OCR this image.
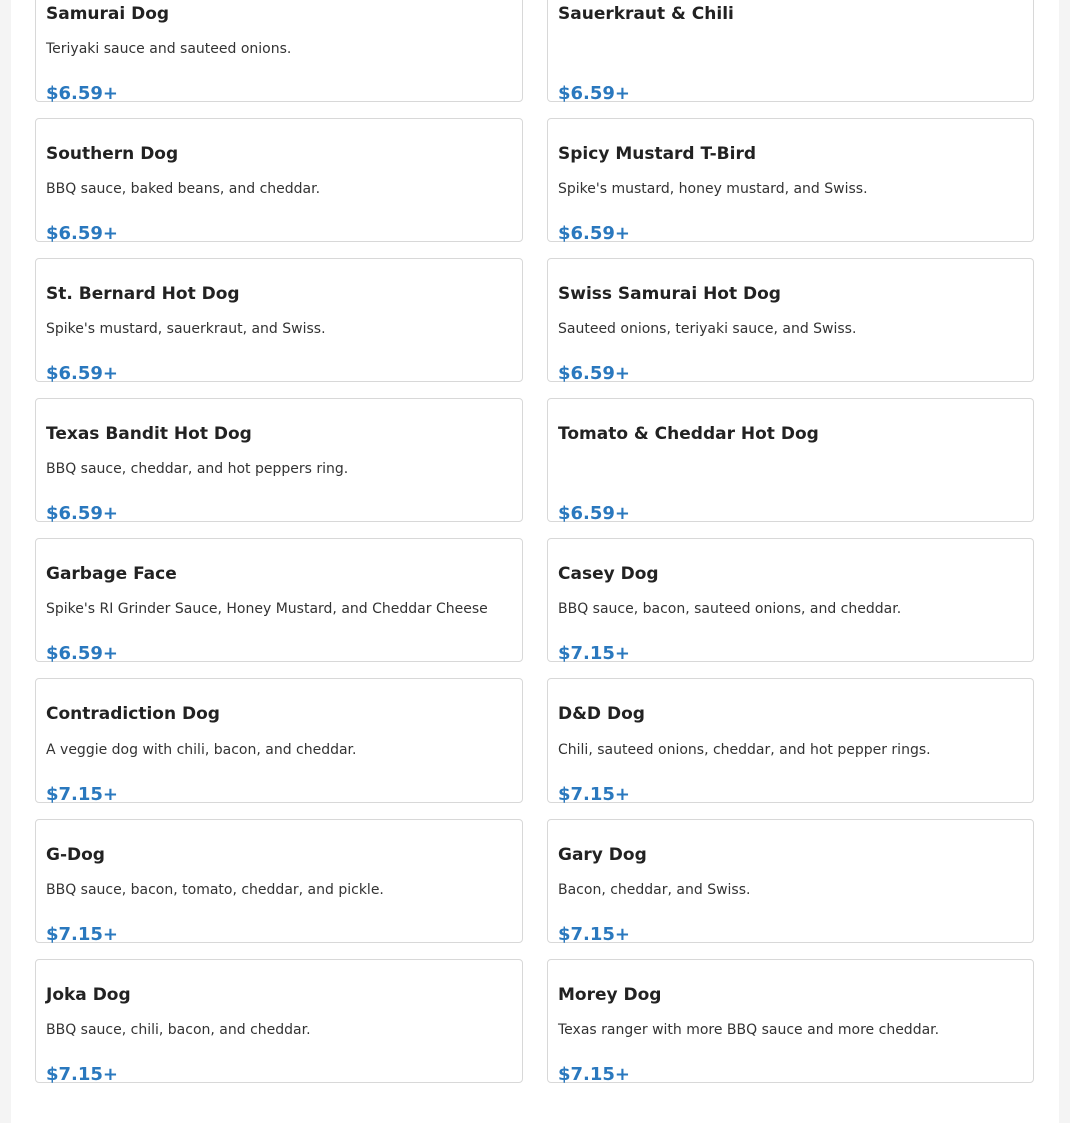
Samurai Dog
Teriyaki sauce and sauteed onions.
$6.59+
Sauerkraut & Chili
$6.59+
Southern Dog
BBQ sauce, baked beans, and cheddar.
$6.59+
Spicy Mustard T-Bird
Spike's mustard, honey mustard, and Swiss.
$6.59+
St. Bernard Hot Dog
Spike's mustard, sauerkraut, and Swiss.
$6.59+
Swiss Samurai Hot Dog
Sauteed onions, teriyaki sauce, and Swiss.
$6.59+
Texas Bandit Hot Dog
BBQ sauce, cheddar, and hot peppers ring.
$6.59+
Tomato & Cheddar Hot Dog
$6.59+
Garbage Face
Spike's RI Grinder Sauce, Honey Mustard, and Cheddar Cheese
$6.59+
Casey Dog
BBQ sauce, bacon, sauteed onions, and cheddar.
$7.15+
Contradiction Dog
A veggie dog with chili, bacon, and cheddar.
$7.15+
D&D Dog
Chili, sauteed onions, cheddar, and hot pepper rings.
$7.15+
G-Dog
BBQ sauce, bacon, tomato, cheddar, and pickle.
$7.15+
Gary Dog
Bacon, cheddar, and Swiss.
$7.15+
Joka Dog
BBQ sauce, chili, bacon, and cheddar.
$7.15+
Morey Dog
Texas ranger with more BBQ sauce and more cheddar.
$7.15+
